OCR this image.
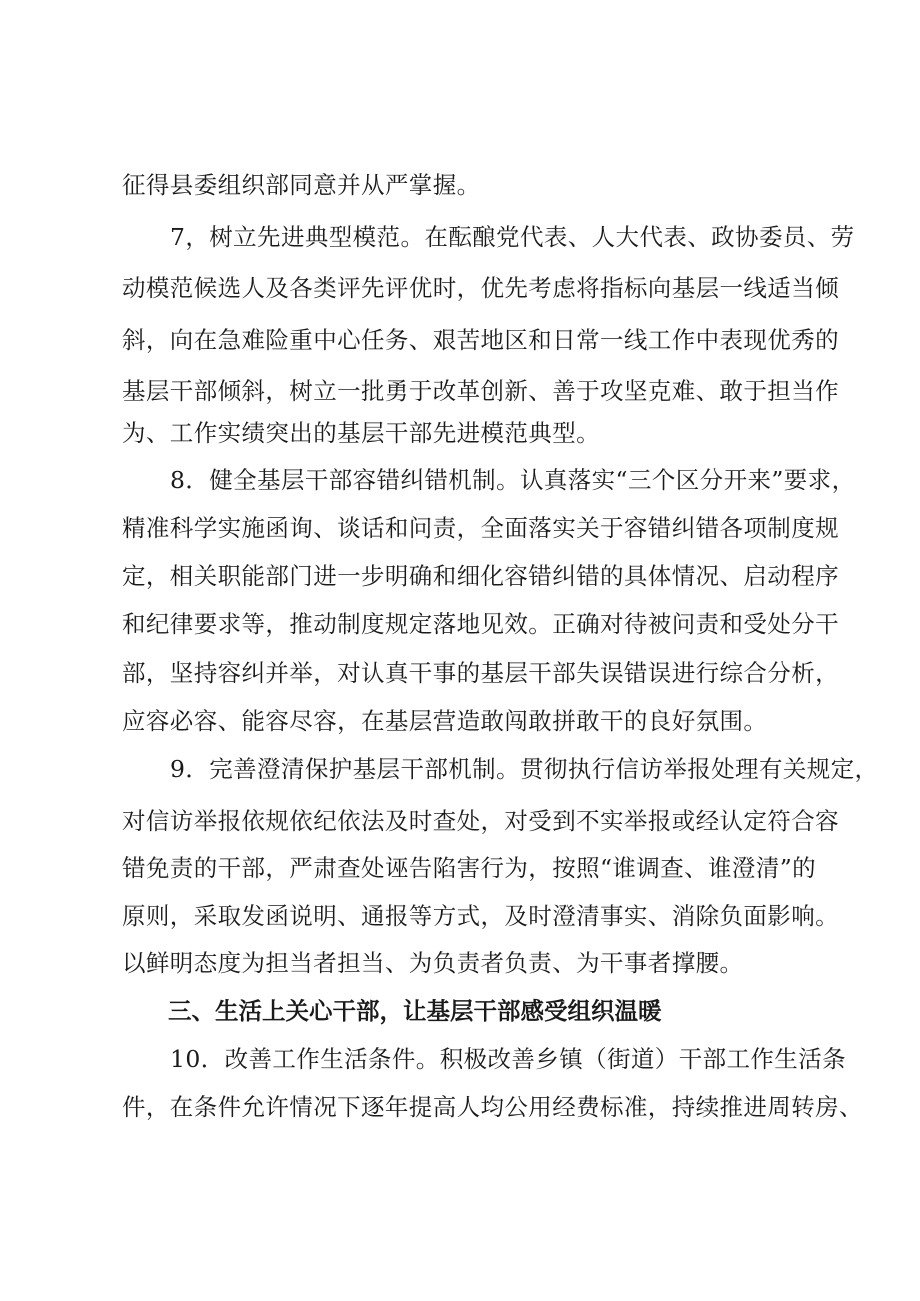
征得县委组织部同意并从严掌握。
7，树立先进典型模范。在酝酿党代表、人大代表、政协委员、劳
动模范候选人及各类评先评优时，优先考虑将指标向基层一线适当倾
斜，向在急难险重中心任务、艰苦地区和日常一线工作中表现优秀的
基层干部倾斜，树立一批勇于改革创新、善于攻坚克难、敢于担当作
为、工作实绩突出的基层干部先进模范典型。
8．健全基层干部容错纠错机制。认真落实“三个区分开来”要求，
精准科学实施函询、谈话和问责，全面落实关于容错纠错各项制度规
定，相关职能部门进一步明确和细化容错纠错的具体情况、启动程序
和纪律要求等，推动制度规定落地见效。正确对待被问责和受处分干
部，坚持容纠并举，对认真干事的基层干部失误错误进行综合分析，
应容必容、能容尽容，在基层营造敢闯敢拼敢干的良好氛围。
9．完善澄清保护基层干部机制。贯彻执行信访举报处理有关规定，
对信访举报依规依纪依法及时查处，对受到不实举报或经认定符合容
错免责的干部，严肃查处诬告陷害行为，按照“谁调查、谁澄清”的
原则，采取发函说明、通报等方式，及时澄清事实、消除负面影响。
以鲜明态度为担当者担当、为负责者负责、为干事者撑腰。
三、生活上关心干部，让基层干部感受组织温暖
10．改善工作生活条件。积极改善乡镇（街道）干部工作生活条
件，在条件允许情况下逐年提高人均公用经费标准，持续推进周转房、
